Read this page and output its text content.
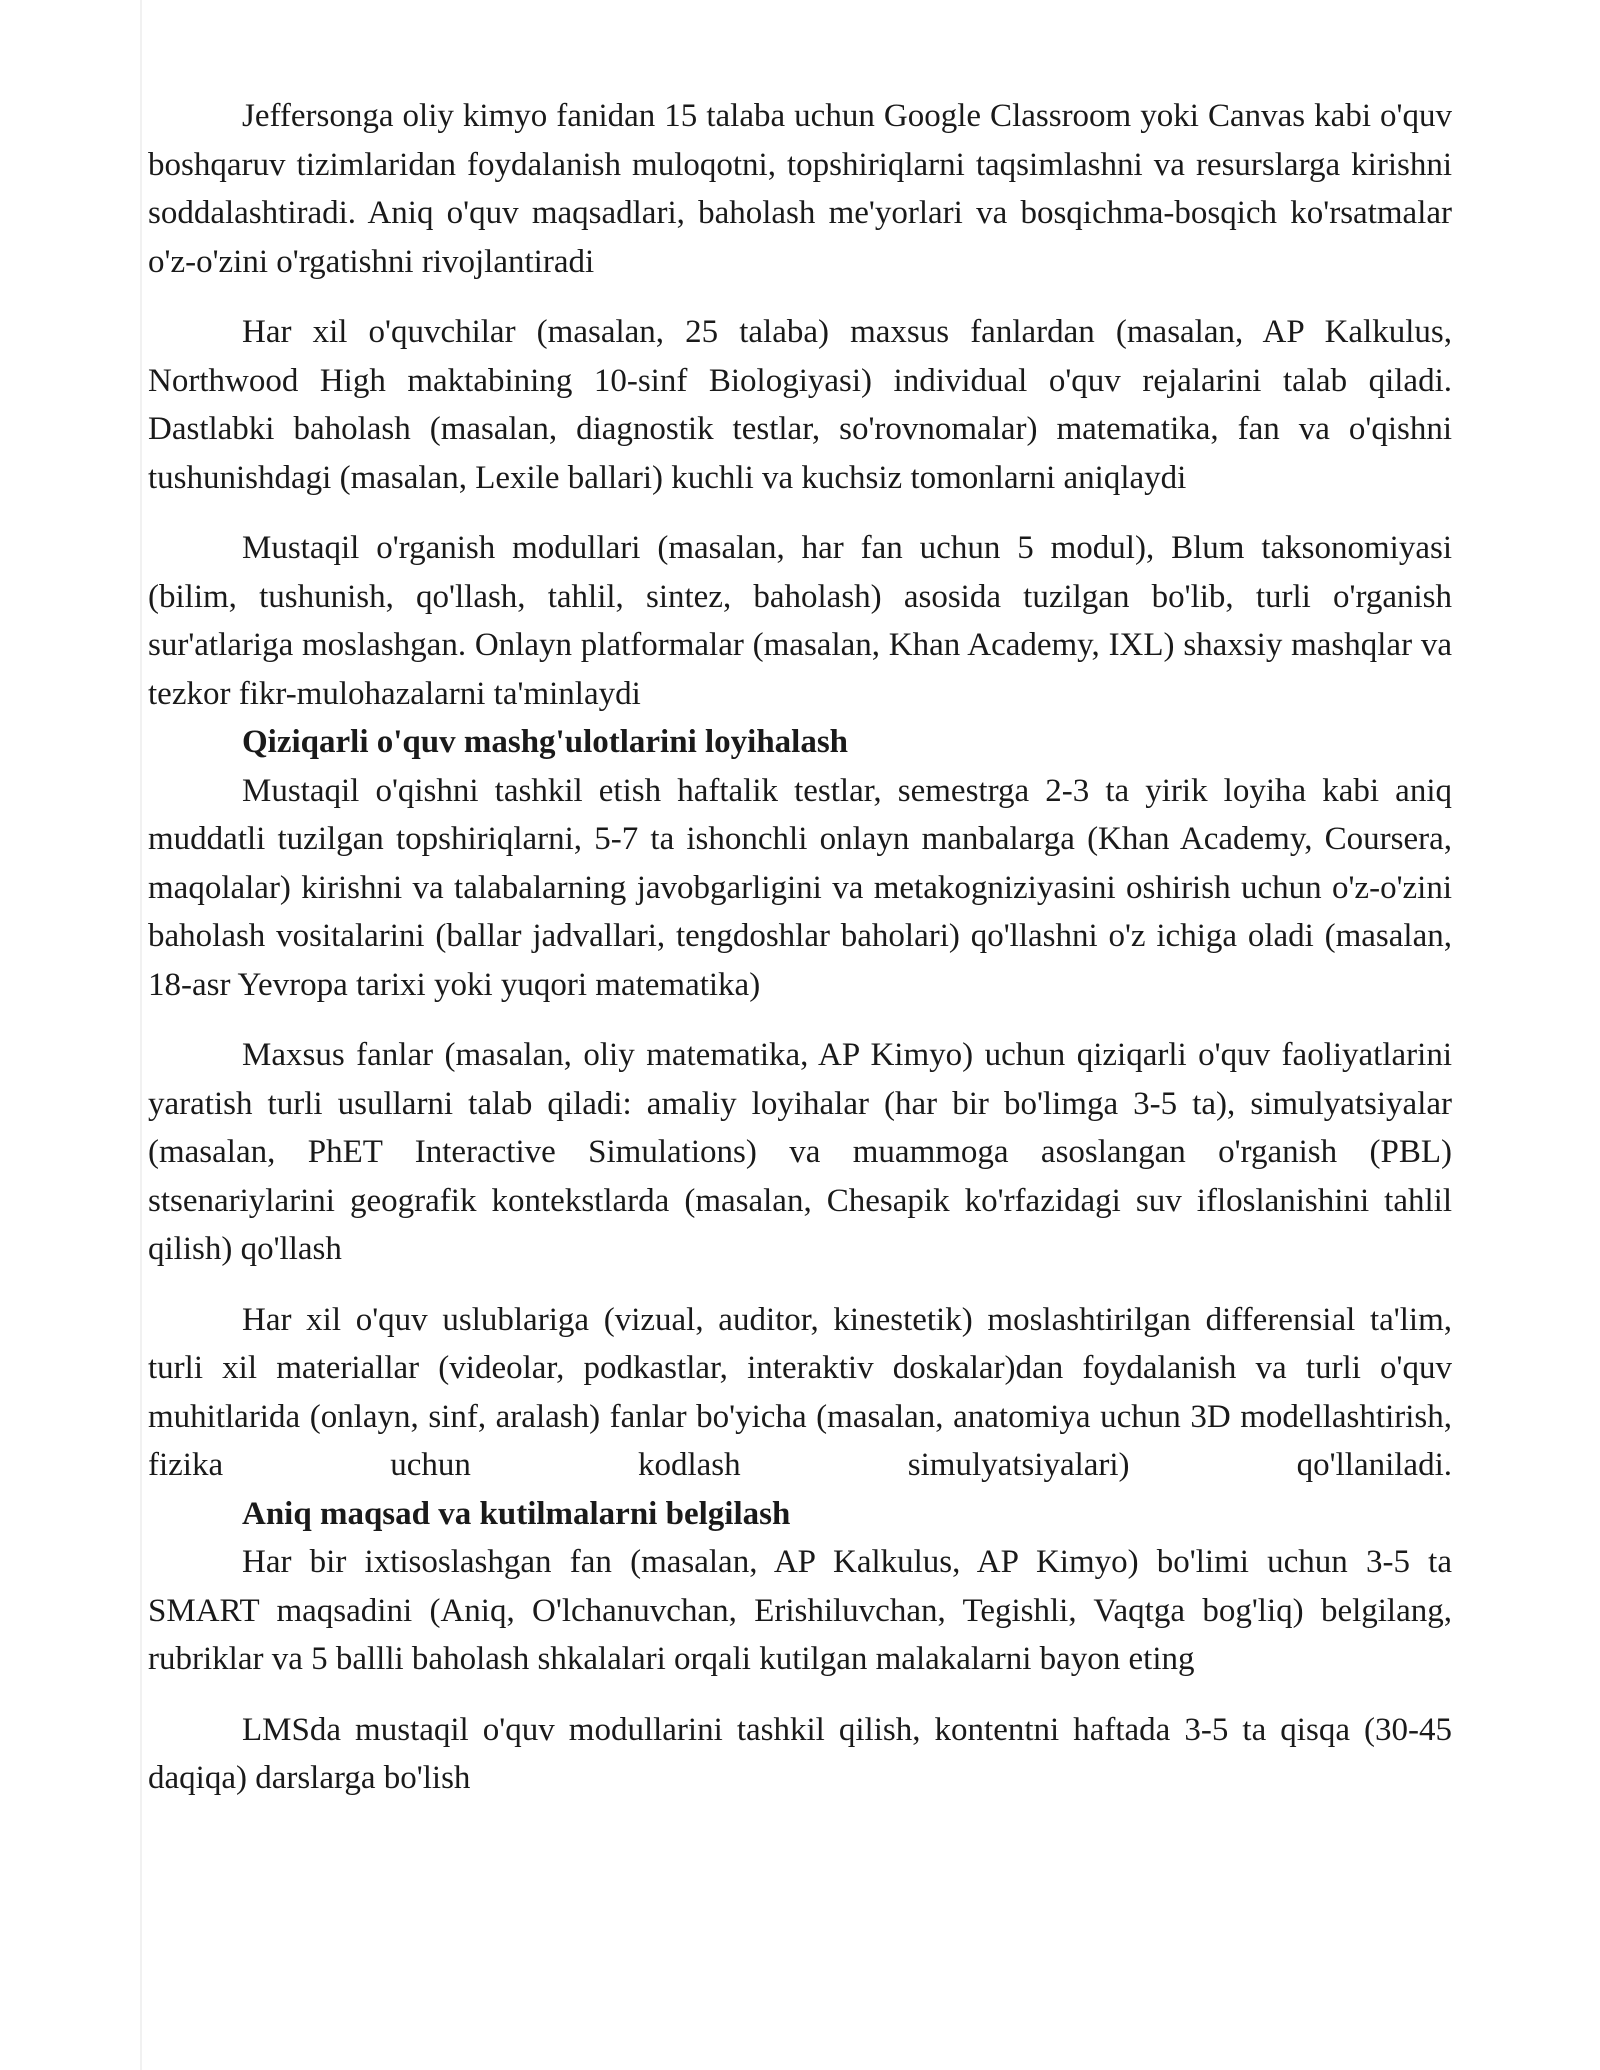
Jeffersonga oliy kimyo fanidan 15 talaba uchun Google Classroom yoki Canvas kabi o'quv boshqaruv tizimlaridan foydalanish muloqotni, topshiriqlarni taqsimlashni va resurslarga kirishni soddalashtiradi. Aniq o'quv maqsadlari, baholash me'yorlari va bosqichma-bosqich ko'rsatmalar o'z-o'zini o'rgatishni rivojlantiradi

Har xil o'quvchilar (masalan, 25 talaba) maxsus fanlardan (masalan, AP Kalkulus, Northwood High maktabining 10-sinf Biologiyasi) individual o'quv rejalarini talab qiladi. Dastlabki baholash (masalan, diagnostik testlar, so'rovnomalar) matematika, fan va o'qishni tushunishdagi (masalan, Lexile ballari) kuchli va kuchsiz tomonlarni aniqlaydi

Mustaqil o'rganish modullari (masalan, har fan uchun 5 modul), Blum taksonomiyasi (bilim, tushunish, qo'llash, tahlil, sintez, baholash) asosida tuzilgan bo'lib, turli o'rganish sur'atlariga moslashgan. Onlayn platformalar (masalan, Khan Academy, IXL) shaxsiy mashqlar va tezkor fikr-mulohazalarni ta'minlaydi

Qiziqarli o'quv mashg'ulotlarini loyihalash

Mustaqil o'qishni tashkil etish haftalik testlar, semestrga 2-3 ta yirik loyiha kabi aniq muddatli tuzilgan topshiriqlarni, 5-7 ta ishonchli onlayn manbalarga (Khan Academy, Coursera, maqolalar) kirishni va talabalarning javobgarligini va metakogniziyasini oshirish uchun o'z-o'zini baholash vositalarini (ballar jadvallari, tengdoshlar baholari) qo'llashni o'z ichiga oladi (masalan, 18-asr Yevropa tarixi yoki yuqori matematika)

Maxsus fanlar (masalan, oliy matematika, AP Kimyo) uchun qiziqarli o'quv faoliyatlarini yaratish turli usullarni talab qiladi: amaliy loyihalar (har bir bo'limga 3-5 ta), simulyatsiyalar (masalan, PhET Interactive Simulations) va muammoga asoslangan o'rganish (PBL) stsenariylarini geografik kontekstlarda (masalan, Chesapik ko'rfazidagi suv ifloslanishini tahlil qilish) qo'llash

Har xil o'quv uslublariga (vizual, auditor, kinestetik) moslashtirilgan differensial ta'lim, turli xil materiallar (videolar, podkastlar, interaktiv doskalar)dan foydalanish va turli o'quv muhitlarida (onlayn, sinf, aralash) fanlar bo'yicha (masalan, anatomiya uchun 3D modellashtirish, fizika uchun kodlash simulyatsiyalari) qo'llaniladi.

Aniq maqsad va kutilmalarni belgilash

Har bir ixtisoslashgan fan (masalan, AP Kalkulus, AP Kimyo) bo'limi uchun 3-5 ta SMART maqsadini (Aniq, O'lchanuvchan, Erishiluvchan, Tegishli, Vaqtga bog'liq) belgilang, rubriklar va 5 ballli baholash shkalalari orqali kutilgan malakalarni bayon eting

LMSda mustaqil o'quv modullarini tashkil qilish, kontentni haftada 3-5 ta qisqa (30-45 daqiqa) darslarga bo'lish
